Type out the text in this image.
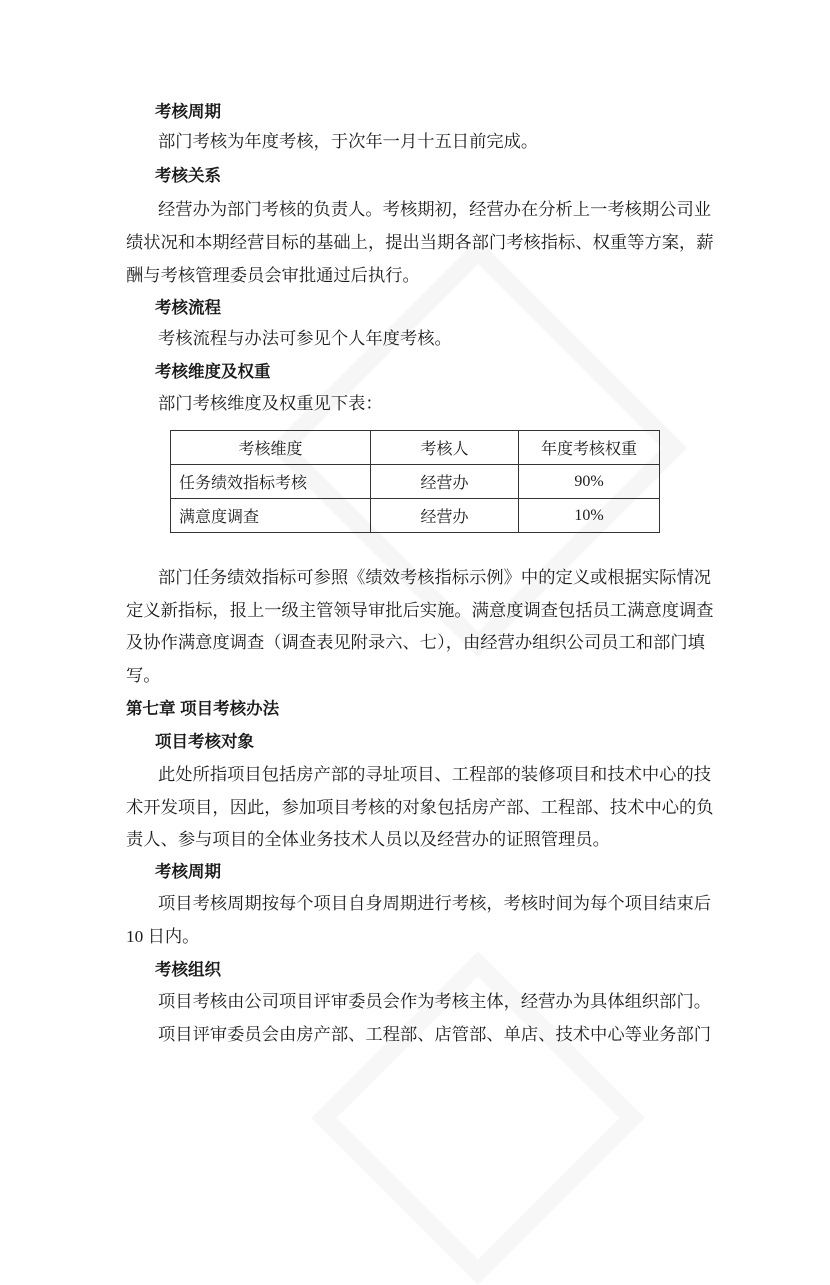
考核周期
部门考核为年度考核，于次年一月十五日前完成。
考核关系
经营办为部门考核的负责人。考核期初，经营办在分析上一考核期公司业
绩状况和本期经营目标的基础上，提出当期各部门考核指标、权重等方案，薪
酬与考核管理委员会审批通过后执行。
考核流程
考核流程与办法可参见个人年度考核。
考核维度及权重
部门考核维度及权重见下表：
考核维度	考核人	年度考核权重
任务绩效指标考核	经营办	90%
满意度调查	经营办	10%
部门任务绩效指标可参照《绩效考核指标示例》中的定义或根据实际情况
定义新指标，报上一级主管领导审批后实施。满意度调查包括员工满意度调查
及协作满意度调查（调查表见附录六、七），由经营办组织公司员工和部门填
写。
第七章 项目考核办法
项目考核对象
此处所指项目包括房产部的寻址项目、工程部的装修项目和技术中心的技
术开发项目，因此，参加项目考核的对象包括房产部、工程部、技术中心的负
责人、参与项目的全体业务技术人员以及经营办的证照管理员。
考核周期
项目考核周期按每个项目自身周期进行考核，考核时间为每个项目结束后
10 日内。
考核组织
项目考核由公司项目评审委员会作为考核主体，经营办为具体组织部门。
项目评审委员会由房产部、工程部、店管部、单店、技术中心等业务部门
